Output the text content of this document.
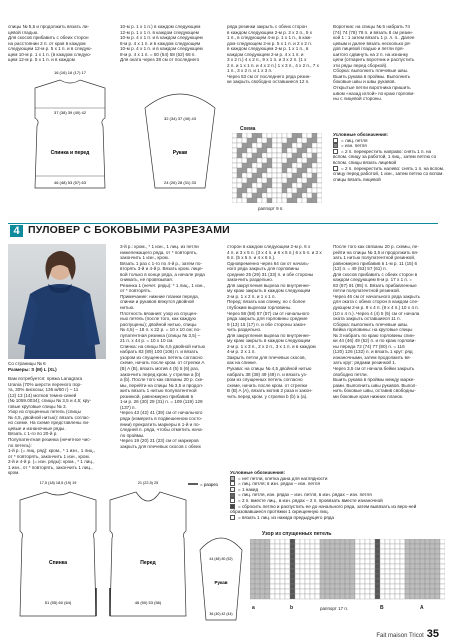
спицы № 5,5 и продолжить вязать ли-

цевой гладью.

Для скосов прибавить с обеих сторон

на расстоянии 2 п. от края в каждом

следующем 12-м р. 5 х 1 п. и в следую-

щем 10-м р. 1 х 1 п. (в каждом следую-

щем 12-м р. 5 х 1 п. и в каждом

10-м р. 1 х 1 п.) в каждом следующем

12-м р. 1 х 1 п. в каждом следующем

10-м р. 4 х 1 п. и в каждом следующем

8-м р. 4 х 1 п. и в каждом следующем

10-м р. 4 х 1 п. и в каждом следующем

8-м р. 4 х 1 п. = 50 (54) 58 (62) 66 п.

Для оката через 38 см от последнего

ряда резинки закрыть с обеих сторон

в каждом следующем 2-м р. 2 х 2 п., 5 х

1 п., в следующем 4-м р. 1 х 1 п., в каж-

дом следующем 2-м р. 5 х 1 п. и 2 х 2 п.

в каждом следующем 2-м р. 1 х 1 п., в

каждом следующем 2-м р. 4 х 1 п. и

3 х 2 п.) 4 х 2 п., 9 х 1 п. и 3 х 2 п. (1 х

2 п. и 1 х 1 п. и 4 х 2 п.) 1 х 3 п., 4 х 2 п., 7 х

1 п., 3 х 2 п. и 1 х 3 п.

Через 53 см от последнего ряда резин-

ки закрыть свободно оставшиеся 12 п.

Воротник: на спицы № 5 набрать 74

(74) 74 (78) 78 п. и вязать 8 см резин-

кой 1 : 1 затем вязать 1 р. л. п.. Далее

цевым и далее вязать несколько ря-

дов лицевой гладью и петли пря-

шитого сдвинуть на 2 п. на изнанку

цепи (отпарить воротник и распустить

эти ряды перед сборкой).

Сборка: выполнить плечевые швы.

Вшить рукава в проймы. Выполнить

боковые швы и швы рукавов.

Открытые петли воротника пришить

швом «назад иглой» по краю горлови-

ны с лицевой стороны.

Спинка и перед
16 (16) 16 (17) 17
37 (38) 39 (40) 42
46 (48) 53 (57) 63
Рукав
32 (34) 37 (40) 43
24 (26) 28 (31) 33
Схема
раппорт 9 п.
Условные обозначения:
= лиц. петля
= изн. петля
= 2 п. перекрестить направо: снять 1 п. на вспом. спицу за работой, 1 лиц., затем петлю со вспом. спицы вязать лицевой
= 2 п. перекрестить налево: снять 1 п. на вспом. спицу перед работой, 1 изн., затем петлю со вспом. спицы вязать лицевой
4 ПУЛОВЕР С БОКОВЫМИ РАЗРЕЗАМИ
Со страницы № 6
Размеры: S (M) L (XL)

Вам потребуется: пряжа Lanagrara

Urania (70% шерсти переного пор-

та, 30% вискозы; 135 м/50 г) – 11

(12) 13 (14) мотков темно-синей

(№ 1059.0034); спицы № 3,5 и 4,5; кру-

говые круговые спицы № 3.

Узор из спущенных петель (спицы

№ 4,5, двойной нитью): вязать соглас-

но схеме. На схеме представлены ли-

цевые и изнаночные ряды.

Вязать с 1-го по 20-й р.

Полупатентная резинка (нечетное чис-

ло петель):

1-й р. (= лиц. ряд): кром., * 1 изн., 1 лиц.,

от * повторять, закончить 1 изн., кром.

2-й и 4-й р. (= изн. ряды): кром., * 1 лиц.,

1 изн., от * повторять, закончить 1 лиц.,

кром.

3-й р.: кром., * 1 изн., 1 лиц. из петли

нижележащего ряда, от * повторять,

закончить 1 изн., кром.

Вязать 1 раз с 1-го по 4-й р., затем по-

вторять 3-й и 4-й р. Вязать кром. лице-

вой только в конце ряда, а начале ряда

снимать, не провязывая.

Резинка 1 (нечет. ряды): * 1 лиц., 1 изн.,

от * повторять.

Примечание: нижние планки переда,

спинки и рукавов вяжутся двойной

нитью.

Плотность вязания: узор из спущен-

ных петель (после того, как каждую

распущены); двойной нитью, спицы

№ 4,5) – 18 п. х 22 р. = 10 х 10 см; по-

лупатентная резинка (спицы № 3,5) –

21 п. х 44 р. = 10 х 10 см.

Спинка: на спицы № 4,5 двойной нитью

набрать 83 (89) 100 (106) п. и вязать

узором из спущенных петель согласно

схеме, начать после кром. от стрелки A

(B) A (B), вязать мотив 4 (5) 5 (6) раз,

закончить перед кром. у стрелки а (b)

а (b). После того как связаны 20 р. схе-

мы, перейти на спицы № 3,5 и продол-

жить вязать 1 нитью полупатентной

резинкой, равномерно прибавив в

1-м р. 26 (30) 29 (31) п. = 109 (119) 129

(137) п.

Через 43 (42) 41 (39) см от начального

ряда (измерить в подвешенном состо-

янии) прекратить маркеры в 1-й и по-

следней п. ряда, чтобы отметить нача-

ло проймы.

Через 19 (20) 21 (23) см от маркеров

закрыть для плечевых скосов с обеих

сторон в каждом следующем 2-м р. 6 х

4 п. и 3 х 5 п. (3 х 4 п. и 6 х 5 п.) 6 х 5 п. и 3 х

6 п. (5 х 5 п. и 4 х 6 п.).

Одновременно через 64 см от началь-

ного ряда закрыть для горловины

средние 25 (29) 31 (33) п. и обе стороны

закончить раздельно.

Для закругления выреза по внутренне-

му краю закрыть в каждом следующем

2-м р. 1 х 2 п. и 1 х 1 п.

Перед: вязать как спинку, но с более

глубоким вырезом горловины.

Через 58 (58) 57 (57) см от начального

ряда закрыть для горловины средние

9 (13) 15 (17) п. и обе стороны закон-

чить раздельно.

Для закругления выреза по внутренне-

му краю закрыть в каждом следующем

2-м р. 1 х 3 п., 2 х 2 п., 3 х 1 п. и в каждом

4-м р. 2 х 1 п.

Закрыть петли для плечевых скосов,

как на спинке.

Рукава: на спицы № 4,5 двойной нитью

набрать 38 (38) 49 (49) п. и вязать уз-

ром из спущенных петель согласно

схеме, начать после кром. от стрелки

B (B) A (A), вязать мотив 2 раза и закон-

чить перед кром. у стрелки b (b) a (a).

После того как связаны 20 р. схемы, пе-

рейти на спицы № 3,5 и продолжить вя-

зать 1 нитью полупатентной резинкой,

равномерно прибавив в 1-м р. 11 (15) 6

(12) п. = 49 (53) 57 (61) п.

Для скосов прибавить с обеих сторон в

каждом следующем 8-м р. 17 х 1 п. =

83 (87) 91 (95) п. Вязать прибавленные

петли полупатентной резинкой.

Через 46 см от начального ряда закрыть

для оката с обеих сторон в каждом сле-

дующем 2-м р. 9 х 4 п. (9 х 4 п.) 10 х 4 п.

(10 х 4 п.). Через 4 (4) 5 (5) см от начала

оката закрыть оставшиеся 11 п.

Сборка: выполнить плечевые швы.

Бейка горловины: на круговые спицы

№ 3 набрать по краю горловины спин-

ки 44 (46) 49 (52) п. и по краю горлови-

ны переда 72 (74) 77 (80) п. = 116

(120) 126 (132) п. и вязать 1 круг: ряд

изнаночными, затем продолжить вя-

зать круг: рядами резинкой 1.

Через 3,5 см от начала бейки закрыть

свободно петли.

Вшить рукава в проймы между марке-

рами. Выполнить швы рукавов. Выпол-

нить боковые швы, оставив свободны-

ми боковые края нижних планок.

Условные обозначения:
= нет петли, клетка дана для наглядности
= лиц. петля; в изн. рядах – изн. петля
○ = 1 накид
= лиц. петля, изн. рядах – изн. петля, в изн. рядах – изн. петля
= 2 п. вместе лиц., в изн. рядах – 2 п. провязать вместе изнаночной
= сбросить петлю и распустить ее до начального ряда, затем вывязать из верх-ней образовавшиеся протяжки 1 скрещенную лиц.
= вязать 1 лиц. из накида предыдущего ряда
Спинка	Перед
17,5 (18) 18,5 (19) 19	21 (22,5) 25
51 (55) 60 (64)	46 (50) 53 (56)
= разрез
Рукав
44 (48) 50 (52)
36 (40) 42 (44)
Узор из спущенных петель
раппорт 17 п.	A
B
a	b
Fait maison Tricot 35
